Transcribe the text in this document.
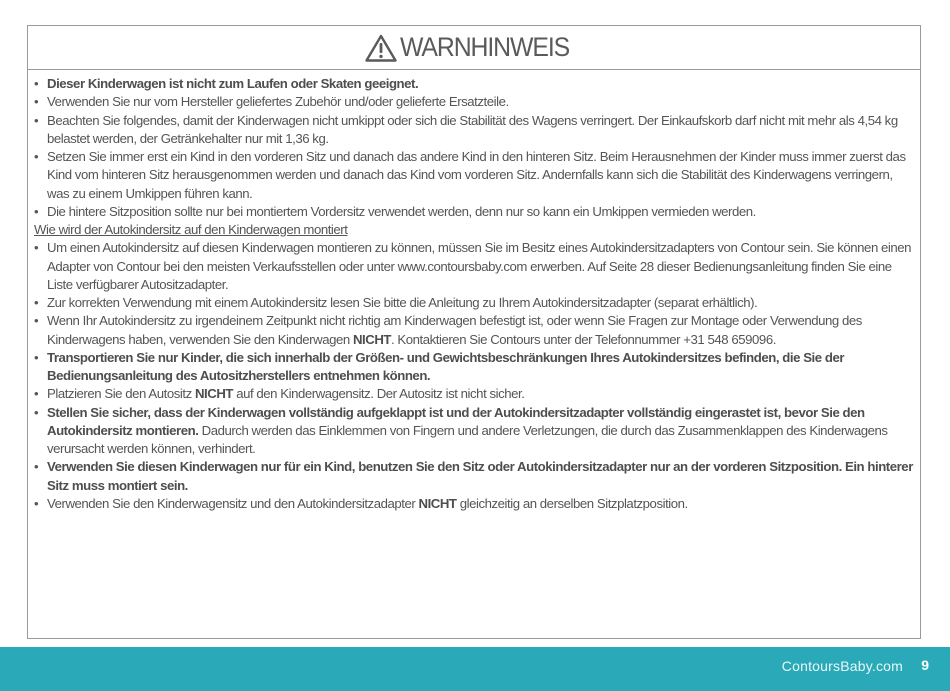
WARNHINWEIS
• Dieser Kinderwagen ist nicht zum Laufen oder Skaten geeignet.
• Verwenden Sie nur vom Hersteller geliefertes Zubehör und/oder gelieferte Ersatzteile.
• Beachten Sie folgendes, damit der Kinderwagen nicht umkippt oder sich die Stabilität des Wagens verringert. Der Einkaufskorb darf nicht mit mehr als 4,54 kg belastet werden, der Getränkehalter nur mit 1,36 kg.
• Setzen Sie immer erst ein Kind in den vorderen Sitz und danach das andere Kind in den hinteren Sitz. Beim Herausnehmen der Kinder muss immer zuerst das Kind vom hinteren Sitz herausgenommen werden und danach das Kind vom vorderen Sitz. Andernfalls kann sich die Stabilität des Kinderwagens verringern, was zu einem Umkippen führen kann.
• Die hintere Sitzposition sollte nur bei montiertem Vordersitz verwendet werden, denn nur so kann ein Umkippen vermieden werden.
Wie wird der Autokindersitz auf den Kinderwagen montiert
• Um einen Autokindersitz auf diesen Kinderwagen montieren zu können, müssen Sie im Besitz eines Autokindersitzadapters von Contour sein. Sie können einen Adapter von Contour bei den meisten Verkaufsstellen oder unter www.contoursbaby.com erwerben. Auf Seite 28 dieser Bedienungsanleitung finden Sie eine Liste verfügbarer Autositzadapter.
• Zur korrekten Verwendung mit einem Autokindersitz lesen Sie bitte die Anleitung zu Ihrem Autokindersitzadapter (separat erhältlich).
• Wenn Ihr Autokindersitz zu irgendeinem Zeitpunkt nicht richtig am Kinderwagen befestigt ist, oder wenn Sie Fragen zur Montage oder Verwendung des Kinderwagens haben, verwenden Sie den Kinderwagen NICHT. Kontaktieren Sie Contours unter der Telefonnummer +31 548 659096.
• Transportieren Sie nur Kinder, die sich innerhalb der Größen- und Gewichtsbeschränkungen Ihres Autokindersitzes befinden, die Sie der Bedienungsanleitung des Autositzherstellers entnehmen können.
• Platzieren Sie den Autositz NICHT auf den Kinderwagensitz. Der Autositz ist nicht sicher.
• Stellen Sie sicher, dass der Kinderwagen vollständig aufgeklappt ist und der Autokindersitzadapter vollständig eingerastet ist, bevor Sie den Autokindersitz montieren. Dadurch werden das Einklemmen von Fingern und andere Verletzungen, die durch das Zusammenklappen des Kinderwagens verursacht werden können, verhindert.
• Verwenden Sie diesen Kinderwagen nur für ein Kind, benutzen Sie den Sitz oder Autokindersitzadapter nur an der vorderen Sitzposition. Ein hinterer Sitz muss montiert sein.
• Verwenden Sie den Kinderwagensitz und den Autokindersitzadapter NICHT gleichzeitig an derselben Sitzplatzposition.
ContoursBaby.com 9
